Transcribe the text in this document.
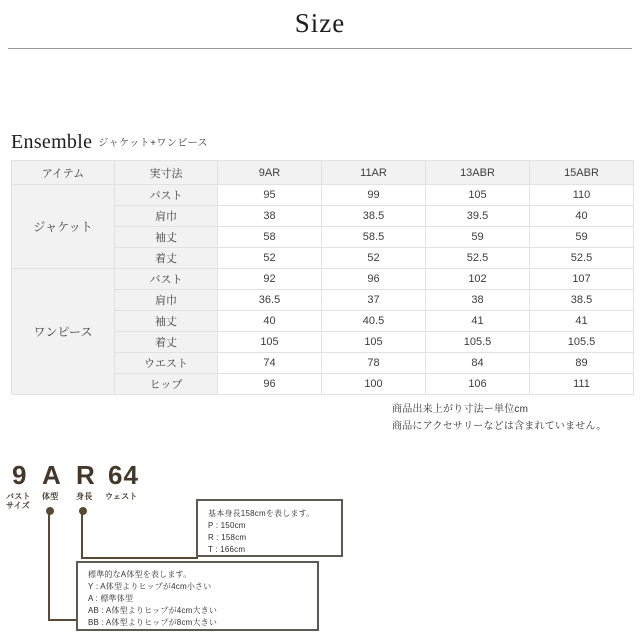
Size
Ensemble ジャケット+ワンピース
アイテム	実寸法	9AR	11AR	13ABR	15ABR
ジャケット	バスト	95	99	105	110
	肩巾	38	38.5	39.5	40
	袖丈	58	58.5	59	59
	着丈	52	52	52.5	52.5
ワンピース	バスト	92	96	102	107
	肩巾	36.5	37	38	38.5
	袖丈	40	40.5	41	41
	着丈	105	105	105.5	105.5
	ウエスト	74	78	84	89
	ヒップ	96	100	106	111
商品出来上がり寸法ー単位cm
商品にアクセサリーなどは含まれていません。
9 A R 64
バスト
サイズ
体型 身長 ウェスト

基本身長158cmを表します。

P : 150cm

R : 158cm

T : 166cm

標準的なA体型を表します。

Y : A体型よりヒップが4cm小さい

A : 標準体型

AB : A体型よりヒップが4cm大きい

BB : A体型よりヒップが8cm大きい
